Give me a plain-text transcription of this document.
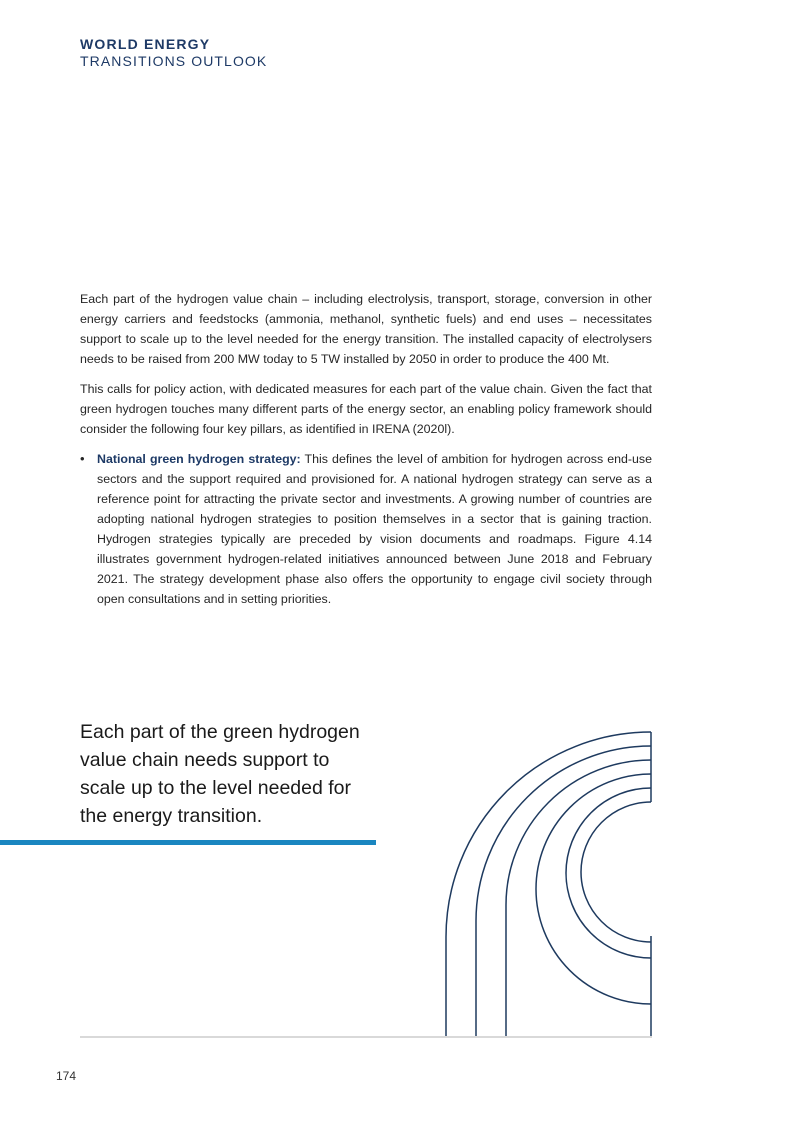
WORLD ENERGY
TRANSITIONS OUTLOOK

Each part of the hydrogen value chain – including electrolysis, transport, storage, conversion in other energy carriers and feedstocks (ammonia, methanol, synthetic fuels) and end uses – necessitates support to scale up to the level needed for the energy transition. The installed capacity of electrolysers needs to be raised from 200 MW today to 5 TW installed by 2050 in order to produce the 400 Mt.

This calls for policy action, with dedicated measures for each part of the value chain. Given the fact that green hydrogen touches many different parts of the energy sector, an enabling policy framework should consider the following four key pillars, as identified in IRENA (2020l).

• National green hydrogen strategy: This defines the level of ambition for hydrogen across end-use sectors and the support required and provisioned for. A national hydrogen strategy can serve as a reference point for attracting the private sector and investments. A growing number of countries are adopting national hydrogen strategies to position themselves in a sector that is gaining traction. Hydrogen strategies typically are preceded by vision documents and roadmaps. Figure 4.14 illustrates government hydrogen-related initiatives announced between June 2018 and February 2021. The strategy development phase also offers the opportunity to engage civil society through open consultations and in setting priorities.
Each part of the green hydrogen value chain needs support to scale up to the level needed for the energy transition.
174
